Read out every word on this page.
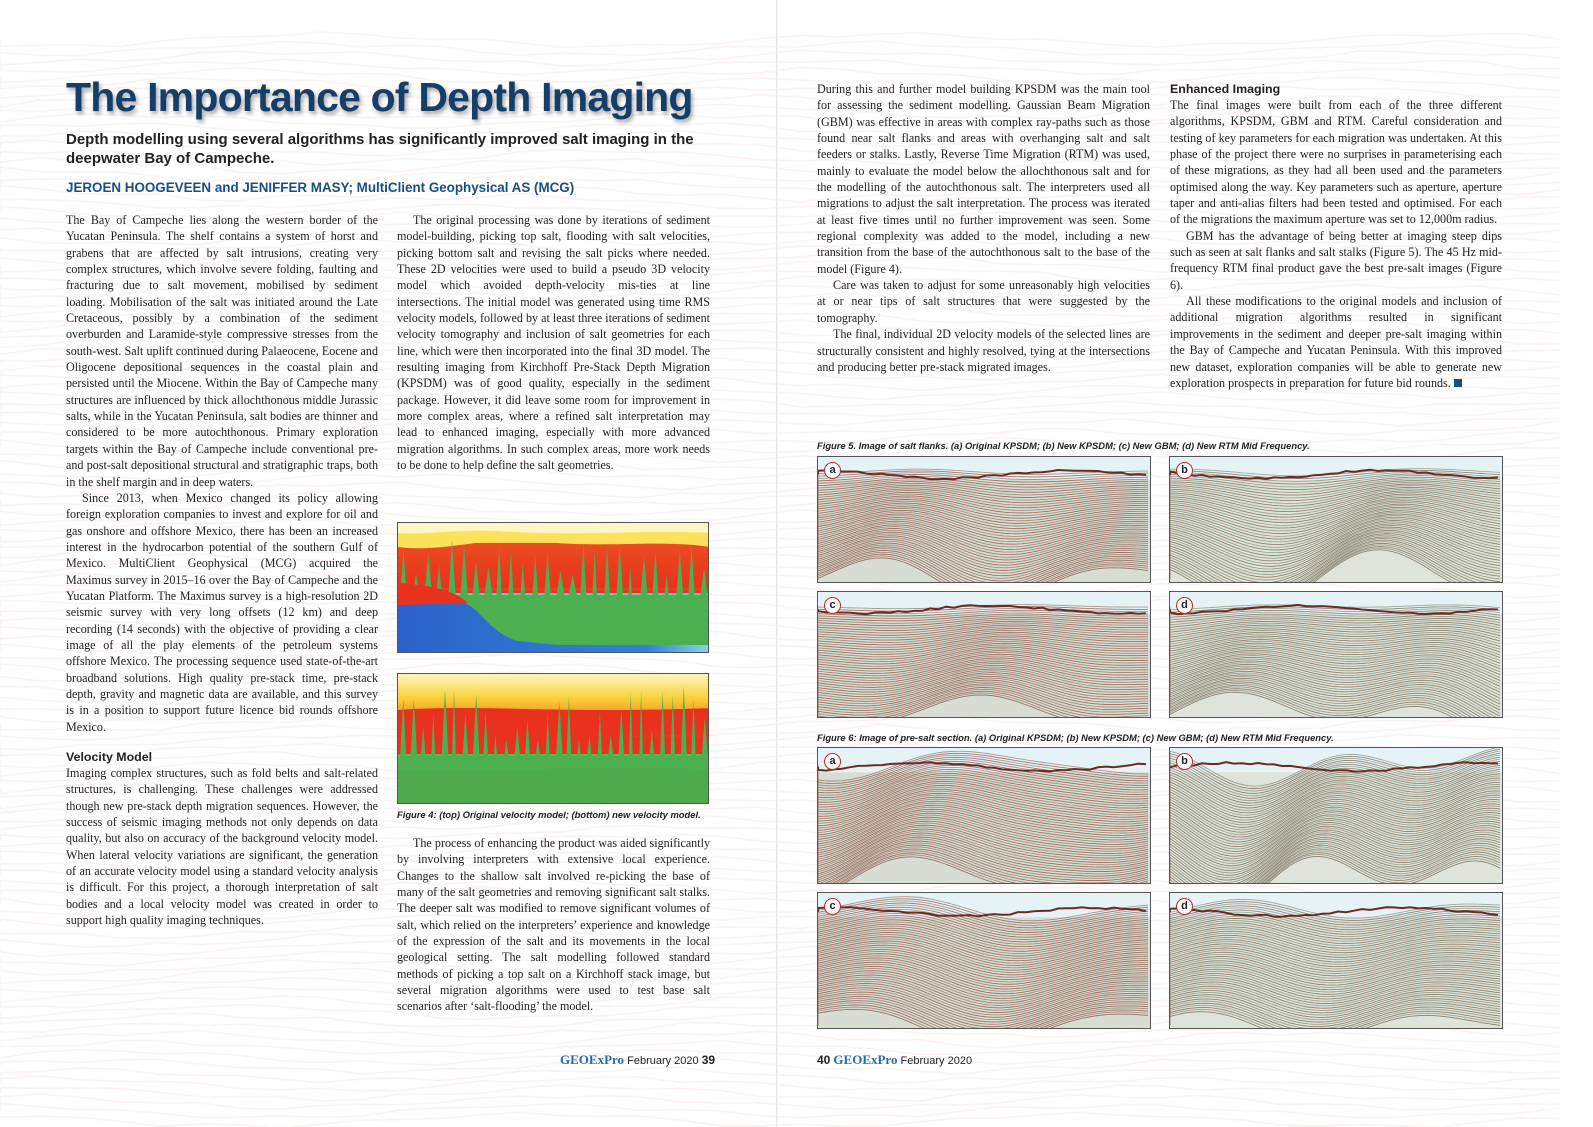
The Importance of Depth Imaging
Depth modelling using several algorithms has significantly improved salt imaging in the deepwater Bay of Campeche.
JEROEN HOOGEVEEN and JENIFFER MASY; MultiClient Geophysical AS (MCG)

The Bay of Campeche lies along the western border of the Yucatan Peninsula. The shelf contains a system of horst and grabens that are affected by salt intrusions, creating very complex structures, which involve severe folding, faulting and fracturing due to salt movement, mobilised by sediment loading. Mobilisation of the salt was initiated around the Late Cretaceous, possibly by a combination of the sediment overburden and Laramide-style compressive stresses from the south-west. Salt uplift continued during Palaeocene, Eocene and Oligocene depositional sequences in the coastal plain and persisted until the Miocene. Within the Bay of Campeche many structures are influenced by thick allochthonous middle Jurassic salts, while in the Yucatan Peninsula, salt bodies are thinner and considered to be more autochthonous. Primary exploration targets within the Bay of Campeche include conventional pre- and post-salt depositional structural and stratigraphic traps, both in the shelf margin and in deep waters.

Since 2013, when Mexico changed its policy allowing foreign exploration companies to invest and explore for oil and gas onshore and offshore Mexico, there has been an increased interest in the hydrocarbon potential of the southern Gulf of Mexico. MultiClient Geophysical (MCG) acquired the Maximus survey in 2015–16 over the Bay of Campeche and the Yucatan Platform. The Maximus survey is a high-resolution 2D seismic survey with very long offsets (12 km) and deep recording (14 seconds) with the objective of providing a clear image of all the play elements of the petroleum systems offshore Mexico. The processing sequence used state-of-the-art broadband solutions. High quality pre-stack time, pre-stack depth, gravity and magnetic data are available, and this survey is in a position to support future licence bid rounds offshore Mexico.

Velocity Model

Imaging complex structures, such as fold belts and salt-related structures, is challenging. These challenges were addressed though new pre-stack depth migration sequences. However, the success of seismic imaging methods not only depends on data quality, but also on accuracy of the background velocity model. When lateral velocity variations are significant, the generation of an accurate velocity model using a standard velocity analysis is difficult. For this project, a thorough interpretation of salt bodies and a local velocity model was created in order to support high quality imaging techniques.

The original processing was done by iterations of sediment model-building, picking top salt, flooding with salt velocities, picking bottom salt and revising the salt picks where needed. These 2D velocities were used to build a pseudo 3D velocity model which avoided depth-velocity mis-ties at line intersections. The initial model was generated using time RMS velocity models, followed by at least three iterations of sediment velocity tomography and inclusion of salt geometries for each line, which were then incorporated into the final 3D model. The resulting imaging from Kirchhoff Pre-Stack Depth Migration (KPSDM) was of good quality, especially in the sediment package. However, it did leave some room for improvement in more complex areas, where a refined salt interpretation may lead to enhanced imaging, especially with more advanced migration algorithms. In such complex areas, more work needs to be done to help define the salt geometries.

Figure 4: (top) Original velocity model; (bottom) new velocity model.

The process of enhancing the product was aided significantly by involving interpreters with extensive local experience. Changes to the shallow salt involved re-picking the base of many of the salt geometries and removing significant salt stalks. The deeper salt was modified to remove significant volumes of salt, which relied on the interpreters’ experience and knowledge of the expression of the salt and its movements in the local geological setting. The salt modelling followed standard methods of picking a top salt on a Kirchhoff stack image, but several migration algorithms were used to test base salt scenarios after ‘salt-flooding’ the model.

GEOExPro February 2020 39

During this and further model building KPSDM was the main tool for assessing the sediment modelling. Gaussian Beam Migration (GBM) was effective in areas with complex ray-paths such as those found near salt flanks and areas with overhanging salt and salt feeders or stalks. Lastly, Reverse Time Migration (RTM) was used, mainly to evaluate the model below the allochthonous salt and for the modelling of the autochthonous salt. The interpreters used all migrations to adjust the salt interpretation. The process was iterated at least five times until no further improvement was seen. Some regional complexity was added to the model, including a new transition from the base of the autochthonous salt to the base of the model (Figure 4).

Care was taken to adjust for some unreasonably high velocities at or near tips of salt structures that were suggested by the tomography.

The final, individual 2D velocity models of the selected lines are structurally consistent and highly resolved, tying at the intersections and producing better pre-stack migrated images.

Enhanced Imaging

The final images were built from each of the three different algorithms, KPSDM, GBM and RTM. Careful consideration and testing of key parameters for each migration was undertaken. At this phase of the project there were no surprises in parameterising each of these migrations, as they had all been used and the parameters optimised along the way. Key parameters such as aperture, aperture taper and anti-alias filters had been tested and optimised. For each of the migrations the maximum aperture was set to 12,000m radius.

GBM has the advantage of being better at imaging steep dips such as seen at salt flanks and salt stalks (Figure 5). The 45 Hz mid-frequency RTM final product gave the best pre-salt images (Figure 6).

All these modifications to the original models and inclusion of additional migration algorithms resulted in significant improvements in the sediment and deeper pre-salt imaging within the Bay of Campeche and Yucatan Peninsula. With this improved new dataset, exploration companies will be able to generate new exploration prospects in preparation for future bid rounds.

Figure 5. Image of salt flanks. (a) Original KPSDM; (b) New KPSDM; (c) New GBM; (d) New RTM Mid Frequency.
a	b
c	d
Figure 6: Image of pre-salt section. (a) Original KPSDM; (b) New KPSDM; (c) New GBM; (d) New RTM Mid Frequency.
a	b
c	d
40 GEOExPro February 2020
